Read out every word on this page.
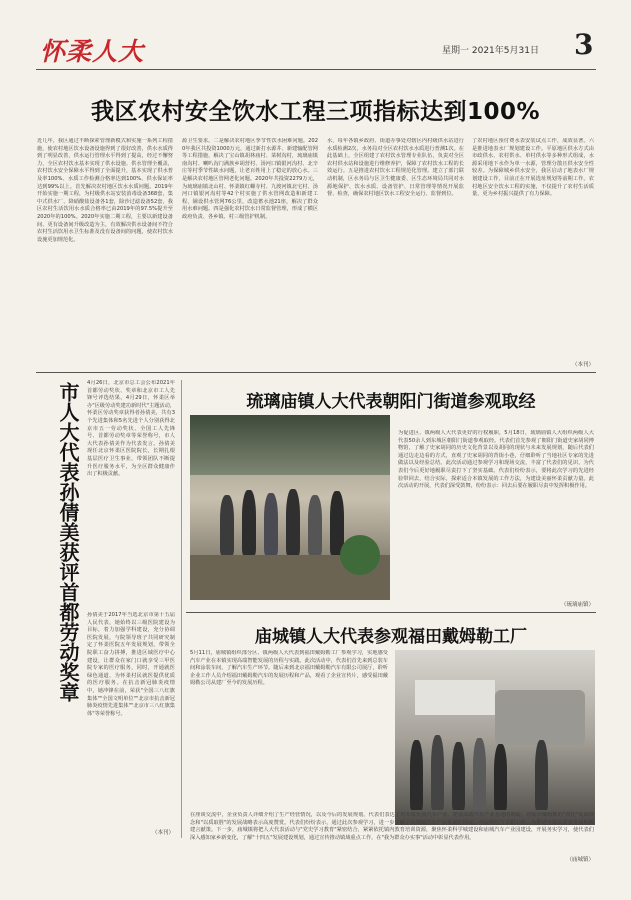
怀柔人大	星期一 2021年5月31日 3
我区农村安全饮水工程三项指标达到100%
近几年，我区通过不断探索管理新模式和实施一系列工程措施，使农村地区饮水设备设施得到了很好改善，供水水质得到了明显改善，供水运行管理水平得到了提高，经过不懈努力，全区农村饮水基本实现了供水设施、供水管理全覆盖，农村饮水安全保障水平得到了全面提升，基本实现了供水普及率100%、水质工作检测合格率达到100%、供水保证率达到99%以上。首先解决农村地区饮水水质问题。2019年开始实施一期工程，为村级供水站安装消毒设备368套，集中式供水厂、降硝酸盐设备各1套，除沙过滤设备52套，我区农村生活饮用水水质合格率已由2019年的97.5%提升至2020年的100%。2020年实施二期工程，主要以新建设备间、更有设备间升级改造为主，有效解决供水设备间不符合农村生活饮用水卫生标准及没有设备间的问题，使农村饮水设施更加规范化。
源卫生要求。二是解决农村地区季节性饮水困难问题。2020年我区共投资1000万元，通过新打水源井、新建输配管网等工程措施，解决了宝山镇胡林庙村、菜树沟村，琉璃庙镇南沟村、喇叭沟门满族乡胡营村、汤河口镇银河沟村、北辛庄等村季节性缺水问题，让老百姓用上了稳定的放心水。三是解决农村地区管网老化问题。2020年共投资2279万元，为琉璃庙镇北山村、怀柔镇红螺寺村、九渡河镇北宅村、汤河口镇银河沟村等42个村实施了供水管网改造和新建工程，铺设供水管网76公里，改造蓄水池21座，解决了群众用水难问题。四是强化农村饮水日常监督管理，形成了横区政府负责、各乡镇、村三级管护机制。
水，每年各镇乡政府、街道办事处对辖区内村级供水站进行水质检测2次，水务局对全区农村饮水水质进行普测1次。在此基础上，全区组建了农村饮水管理专业队伍，负责对全区农村供水站和设施进行维修养护，保障了农村饮水工程的长效运行。五是推进农村饮水工程规范化管理。建立了部门联动机制，区水务局与区卫生健康委、区生态环境局共同对水源地保护、饮水水质、设备管护、日常管理等情况开展监督、检查，确保农村地区饮水工程安全运行、监督到位。
了农村地区预付费水表安装试点工作，成效显著。六是推进地表水厂规划建设工作。平原地区供水方式由市政供水、农村供水、单村供水等多种形式组成，水源采用地下水作为单一水源，管理分散且供水安全性较差。为保障城乡供水安全，我区启动了地表水厂规划建设工作，目前正在开展选址规划等前期工作。农村地区安全饮水工程的实施，不仅提升了农村生活质量，更为乡村振兴提供了有力保障。
（本刊）
市人大代表孙倩美获评首都劳动奖章 4月26日，北京市总工会公布2021年首都劳动奖状、奖章和北京市工人先锋号评选结果。4月29日，怀柔区举办"区级劳动奖建功新时代"主题活动，怀柔区劳动奖章获得者孙倩美，共有3个先进集体和5名先进个人分别获得北京市五一劳动奖状、全国工人先锋号、首都劳动奖章等荣誉称号，市人大代表孙倩美作为代表发言。孙倩美现任北京怀柔区医院院长，长期扎根基层医疗卫生事业，带领团队不断提升医疗服务水平，为全区群众健康作出了积极贡献。
孙倩美于2017年当选北京市第十五届人民代表，她始终以三级医院建设为目标，着力加强学科建设，充分协调医院发展，与院领导班子共同研究制定了怀柔医院五年发展规划，带领全院职工奋力拼搏，推进区域医疗中心建设，让群众在家门口就享受三甲医院专家的医疗服务，同时，开通就医绿色通道，为怀柔村民就医提供优质的医疗服务。在抗击新冠肺炎疫情中，她冲锋在前，荣获"全国三八红旗集体""全国文明单位""北京市抗击新冠肺炎疫情先进集体""北京市三八红旗集体"等荣誉称号。
（本刊）
琉璃庙镇人大代表朝阳门街道参观取经
为促进区、镇两级人大代表更好的行权履职，5月18日，琉璃庙镇人大组织两级人大代表50余人到东城区朝阳门街道参观取经。代表们首先参观了朝阳门街道史家胡同博物馆，了解了史家胡同的历史文化背景以及胡同的现状与未来发展规划，随后代表们通过边走边看的方式，直观了史家胡同的背街小巷，仔细聆听了当地社区专家的先进做法以及经验总结。此次活动通过参观学习和现场交流，丰富了代表们的见识，为代表们今后更好地履职尽责打下了坚实基础。代表们纷纷表示，要将此次学习的先进经验带回去，结合实际，探索适合本镇发展的工作方法，为建设美丽怀柔贡献力量。此次活动的开展，代表们深受鼓舞，纷纷表示：回去后要在履职尽责中发挥积极作用。
（琉璃庙镇）
庙城镇人大代表参观福田戴姆勒工厂
5月11日，庙城镇组织部分区、镇两级人大代表到福田戴姆勒工厂参观学习，实地感受汽车产业在本镇实现高端智能发展的历程与实践。此次活动中，代表们首先来到总装车间和涂装车间，了解汽车生产环节。随后来到北京福田戴姆勒汽车有限公司展厅，聆听企业工作人员介绍福田戴姆勒汽车的发展历程和产品，观看了企业宣传片，感受福田戴姆勒公司从建厂至今的发展历程。
在座谈交流中，企业负责人详细介绍了生产经营情况，以及今后的发展规划。代表们表达了对本镇发展汽车产业、建设高端汽车产业基地的期盼。对福田戴姆勒的"四化"发展理念和"以质取胜"的发展战略表示高度赞赏。代表们纷纷表示，通过此次参观学习，进一步了解了庙城镇汽车产业发展的情况，今后将结合本职工作，为推进全镇高质量发展积极建言献策。下一步，庙城镇将把人大代表活动与"党史学习教育"紧密结合，紧紧依托镇内教育培训资源，聚焦怀柔科学城建设和庙城汽车产业园建设，开展务实学习，使代表们深入感知家乡新变化，了解"十四五"发展建设规划，通过宣传推动镇域重点工作，在"我为群众办实事"活动中彰显代表作用。
（庙城镇）
